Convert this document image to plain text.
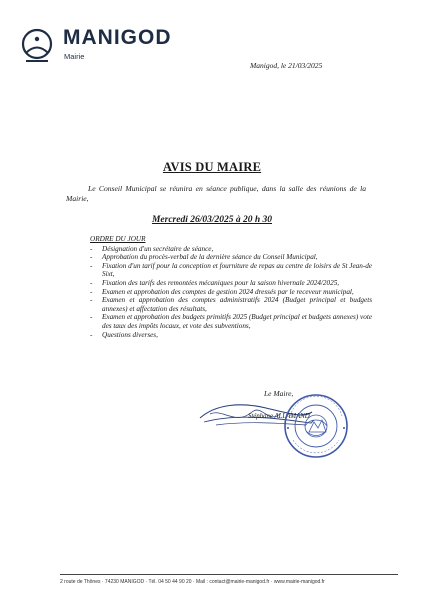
MANIGOD
Mairie
Manigod, le 21/03/2025
AVIS DU MAIRE
Le Conseil Municipal se réunira en séance publique, dans la salle des réunions de la Mairie,
Mercredi 26/03/2025 à 20 h 30
ORDRE DU JOUR
- Désignation d'un secrétaire de séance,
- Approbation du procès-verbal de la dernière séance du Conseil Municipal,
- Fixation d'un tarif pour la conception et fourniture de repas au centre de loisirs de St Jean-de Sixt,
- Fixation des tarifs des remontées mécaniques pour la saison hivernale 2024/2025,
- Examen et approbation des comptes de gestion 2024 dressés par le receveur municipal,
- Examen et approbation des comptes administratifs 2024 (Budget principal et budgets annexes) et affectation des résultats,
- Examen et approbation des budgets primitifs 2025 (Budget principal et budgets annexes) vote des taux des impôts locaux, et vote des subventions,
- Questions diverses,
Le Maire,
Stéphane ALLAMAND
2 route de Thônes · 74230 MANIGOD · Tél. 04 50 44 90 20 · Mail : contact@mairie-manigod.fr · www.mairie-manigod.fr
